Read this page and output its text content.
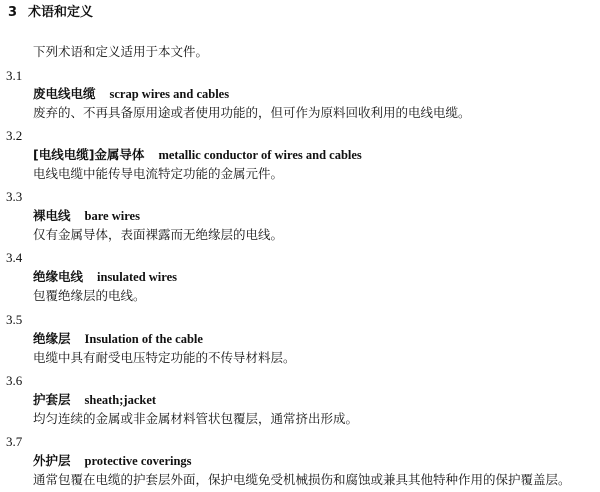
3 术语和定义
下列术语和定义适用于本文件。
3.1
废电线电缆 scrap wires and cables
废弃的、不再具备原用途或者使用功能的，但可作为原料回收利用的电线电缆。
3.2
[电线电缆]金属导体 metallic conductor of wires and cables
电线电缆中能传导电流特定功能的金属元件。
3.3
裸电线 bare wires
仅有金属导体，表面裸露而无绝缘层的电线。
3.4
绝缘电线 insulated wires
包覆绝缘层的电线。
3.5
绝缘层 Insulation of the cable
电缆中具有耐受电压特定功能的不传导材料层。
3.6
护套层 sheath;jacket
均匀连续的金属或非金属材料管状包覆层，通常挤出形成。
3.7
外护层 protective coverings
通常包覆在电缆的护套层外面，保护电缆免受机械损伤和腐蚀或兼具其他特种作用的保护覆盖层。
